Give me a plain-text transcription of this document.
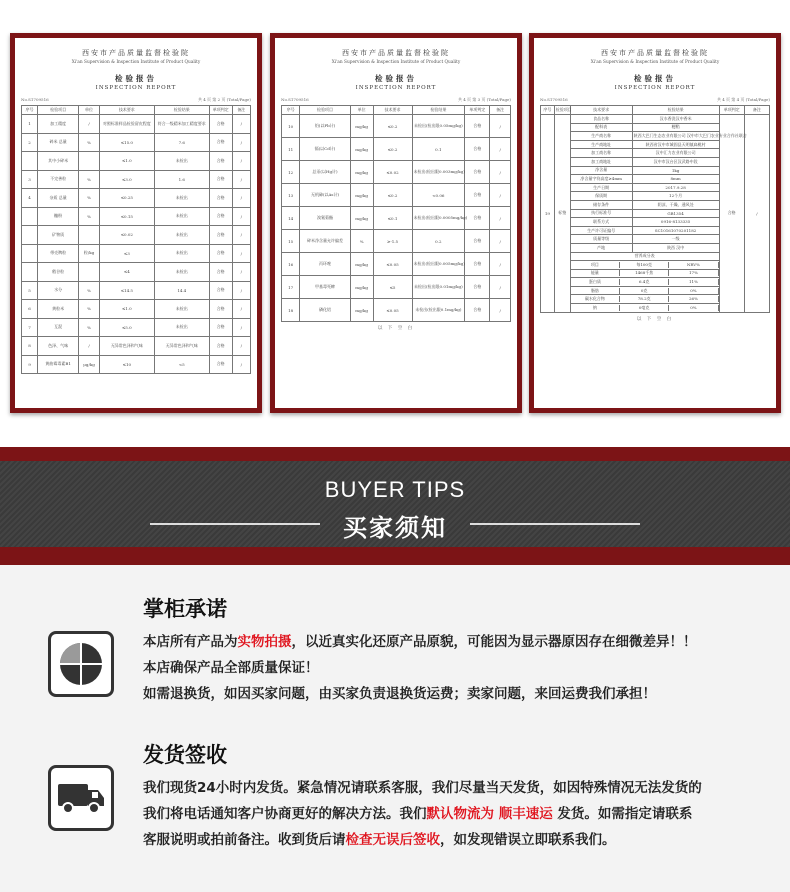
西安市产品质量监督检验院
Xi'an Supervision & Inspection Institute of Product Quality
检验报告
INSPECTION REPORT
No.S1709516	共 4 页 第 2 页 (Total/Page)
序号	检验项目	单位	技术要求	检验结果	单项判定	备注
1	加工精度	/	对照标准样品检验留皮程度	符合一级精米加工精度要求	合格	/
2	碎米 总量	%	≤15.0	7.6	合格	/
	其中小碎米		≤1.0	未检出	合格	/
3	不完善粒	%	≤3.0	1.6	合格	/
4	杂质 总量	%	≤0.25	未检出	合格	/
	糠粉	%	≤0.15	未检出	合格	/
	矿物质		≤0.02	未检出	合格	/
	带壳稗粒	粒/kg	≤3	未检出	合格	/
	稻谷粒		≤4	未检出	合格	/
5	水分	%	≤14.5	14.4	合格	/
6	黄粒米	%	≤1.0	未检出	合格	/
7	互混	%	≤5.0	未检出	合格	/
8	色泽、气味	/	无异常色泽和气味	无异常色泽和气味	合格	/
9	黄曲霉毒素B1	μg/kg	≤10	<5	合格	/
西安市产品质量监督检验院
Xi'an Supervision & Inspection Institute of Product Quality
检验报告
INSPECTION REPORT
No.S1709516	共 4 页 第 3 页 (Total/Page)
序号	检验项目	单位	技术要求	检验结果	单项判定	备注
10	铅(以Pb计)	mg/kg	≤0.2	未检出(检出限0.05mg/kg)	合格	/
11	镉(以Cd计)	mg/kg	≤0.2	0.1	合格	/
12	总汞(以Hg计)	mg/kg	≤0.02	未检出(检出限0.003mg/kg)	合格	/
13	无机砷(以As计)	mg/kg	≤0.2	<0.06	合格	/
14	溴氰菊酯	mg/kg	≤0.1	未检出(检出限0.0005mg/kg)	合格	/
15	碎米净含量允许偏差	%	≥-1.5	0.2	合格	/
16	丙环唑	mg/kg	≤0.05	未检出(检出限0.005mg/kg)	合格	/
17	甲基毒死蜱	mg/kg	≤5	未检出(检出限0.01mg/kg)	合格	/
18	磷化铝	mg/kg	≤0.05	未检出(检出限0.1mg/kg)	合格	/
以 下 空 白
西安市产品质量监督检验院
Xi'an Supervision & Inspection Institute of Product Quality
检验报告
INSPECTION REPORT
No.S1709516	共 4 页 第 4 页 (Total/Page)
序号	检验项目	技术要求	检验结果	单项判定	备注
19	标签	食品名称	汉水香洗汉中香米	合格	/
		配料表	粳稻		
		生产商名称	陕西大巴门生态农业有限公司 汉中市大巴门农业专业合作社联合		
		生产商地址	陕西省汉中市城固县天明镇扁桃村		
		加工商名称	汉中汇力农业有限公司		
		加工商地址	汉中市汉台区汉武路中段		
		净含量	1kg		
		净含量字符高度≥4mm	8mm		
		生产日期	2017.9.28		
		保质期	12个月		
		储存条件	阴凉、干燥、通风处		
		执行标准号	GB1354		
		联系方式	0916-8133335		
		生产许可证编号	SC10161070201182		
		质量等级	一级		
		产地	陕西 汉中		
		营养成分表			

		项目 每100克 NRV%			

		能量 1468千焦 17%			

		蛋白质 6.4克 11%			

		脂肪 0克 0%			

		碳水化合物 78.2克 26%			

		钠 0毫克 0%			
以 下 空 白
BUYER TIPS
买家须知
掌柜承诺

本店所有产品为实物拍摄，以近真实化还原产品原貌，可能因为显示器原因存在细微差异！！

本店确保产品全部质量保证！

如需退换货，如因买家问题，由买家负责退换货运费；卖家问题，来回运费我们承担！

发货签收

我们现货24小时内发货。紧急情况请联系客服，我们尽量当天发货，如因特殊情况无法发货的

我们将电话通知客户协商更好的解决方法。我们默认物流为 顺丰速运 发货。如需指定请联系

客服说明或拍前备注。收到货后请检查无误后签收，如发现错误立即联系我们。
